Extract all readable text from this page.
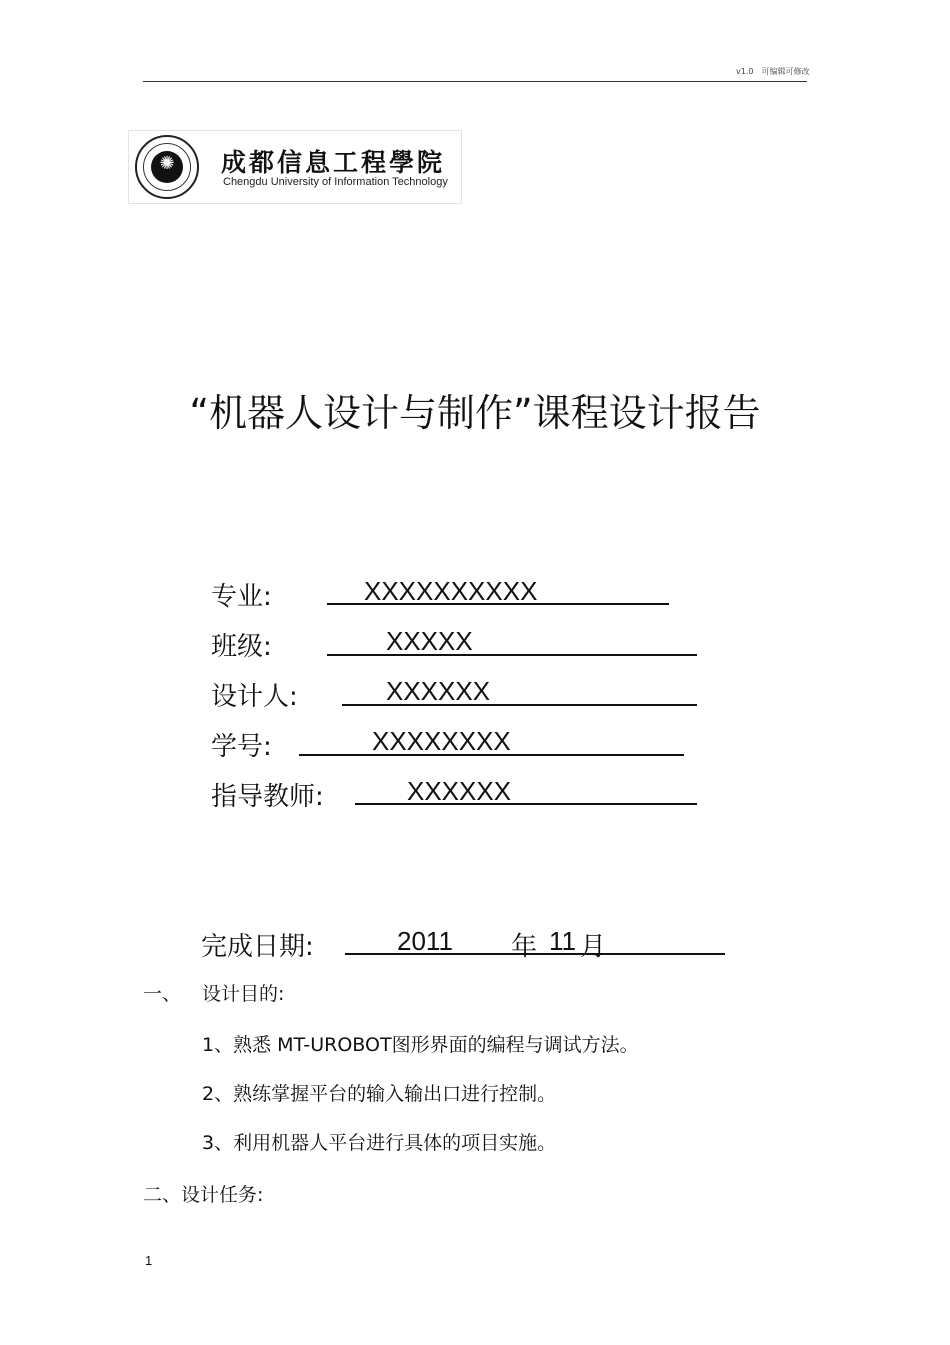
v1.0　可编辑可修改
✺	成都信息工程學院
Chengdu University of Information Technology
“机器人设计与制作”课程设计报告
专业:	XXXXXXXXXX
班级:	XXXXX
设计人:	XXXXXX
学号:	XXXXXXXX
指导教师:	XXXXXX
完成日期:	2011 年 11 月
一、 设计目的:
1、熟悉 MT-UROBOT图形界面的编程与调试方法。
2、熟练掌握平台的输入输出口进行控制。
3、利用机器人平台进行具体的项目实施。
二、设计任务:
1
